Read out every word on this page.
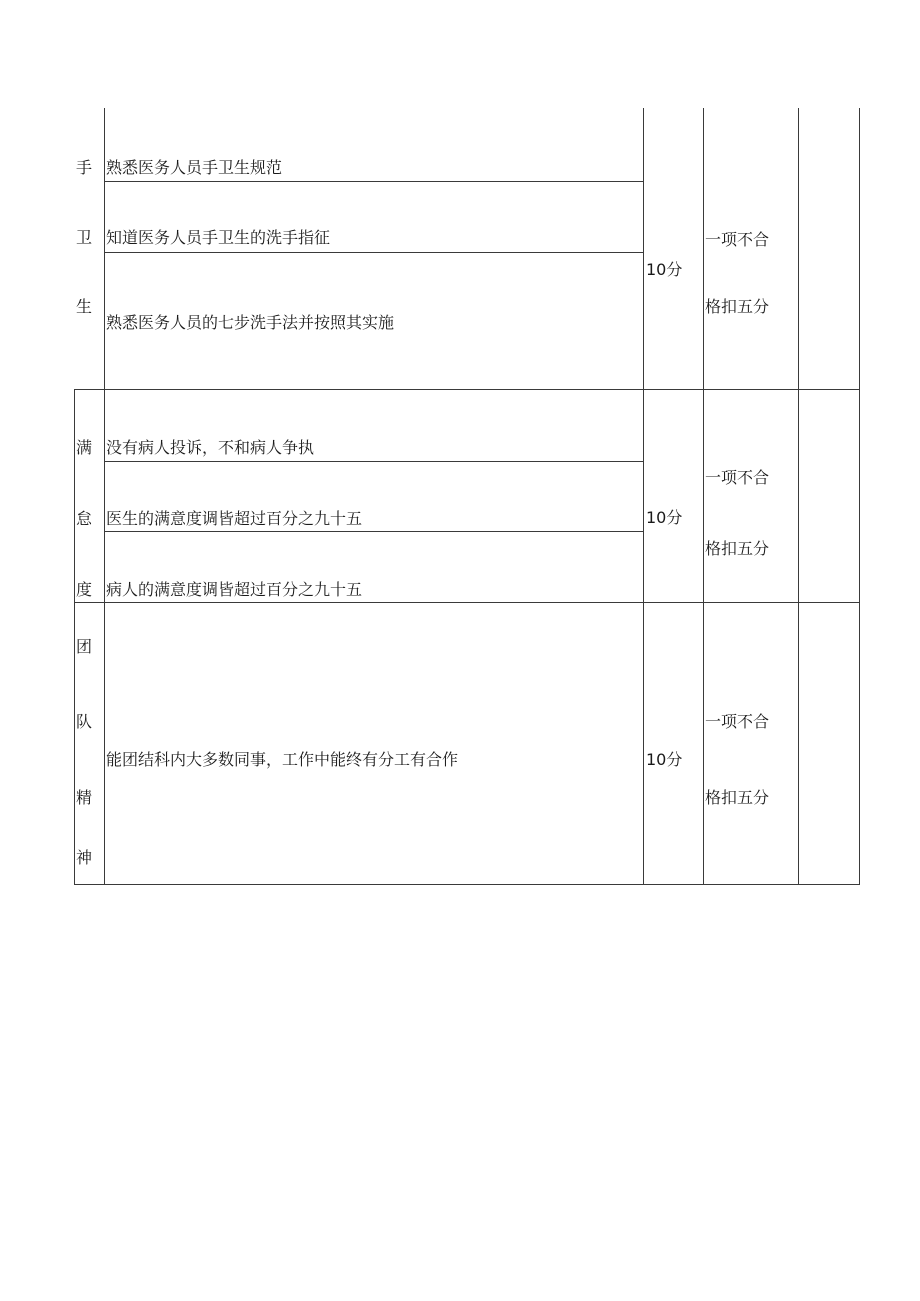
手
卫
生
熟悉医务人员手卫生规范
知道医务人员手卫生的洗手指征
熟悉医务人员的七步洗手法并按照其实施
10分
一项不合
格扣五分
满
怠
度
没有病人投诉，不和病人争执
医生的满意度调皆超过百分之九十五
病人的满意度调皆超过百分之九十五
10分
一项不合
格扣五分
团
队
精
神
能团结科内大多数同事，工作中能终有分工有合作	10分
一项不合
格扣五分
